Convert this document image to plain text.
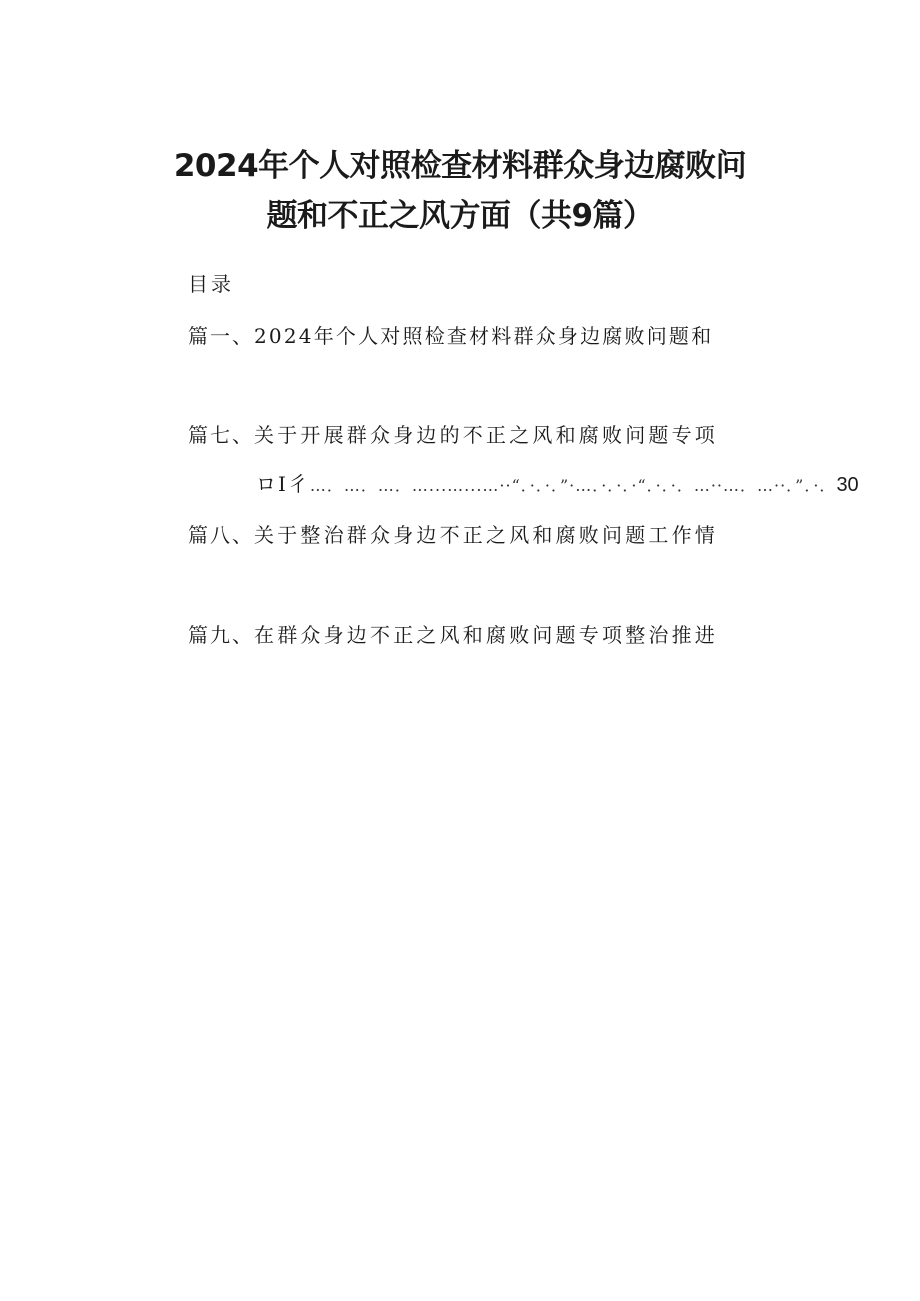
2024年个人对照检查材料群众身边腐败问
题和不正之风方面（共9篇）
目录
篇一、2024年个人对照检查材料群众身边腐败问题和
篇七、关于开展群众身边的不正之风和腐败问题专项
ロI彳 …．…．…．…...…...…··“．·．·．”·…．·．·．·“．·．·．…··…．…··．”．·． 30
篇八、关于整治群众身边不正之风和腐败问题工作情
篇九、在群众身边不正之风和腐败问题专项整治推进
